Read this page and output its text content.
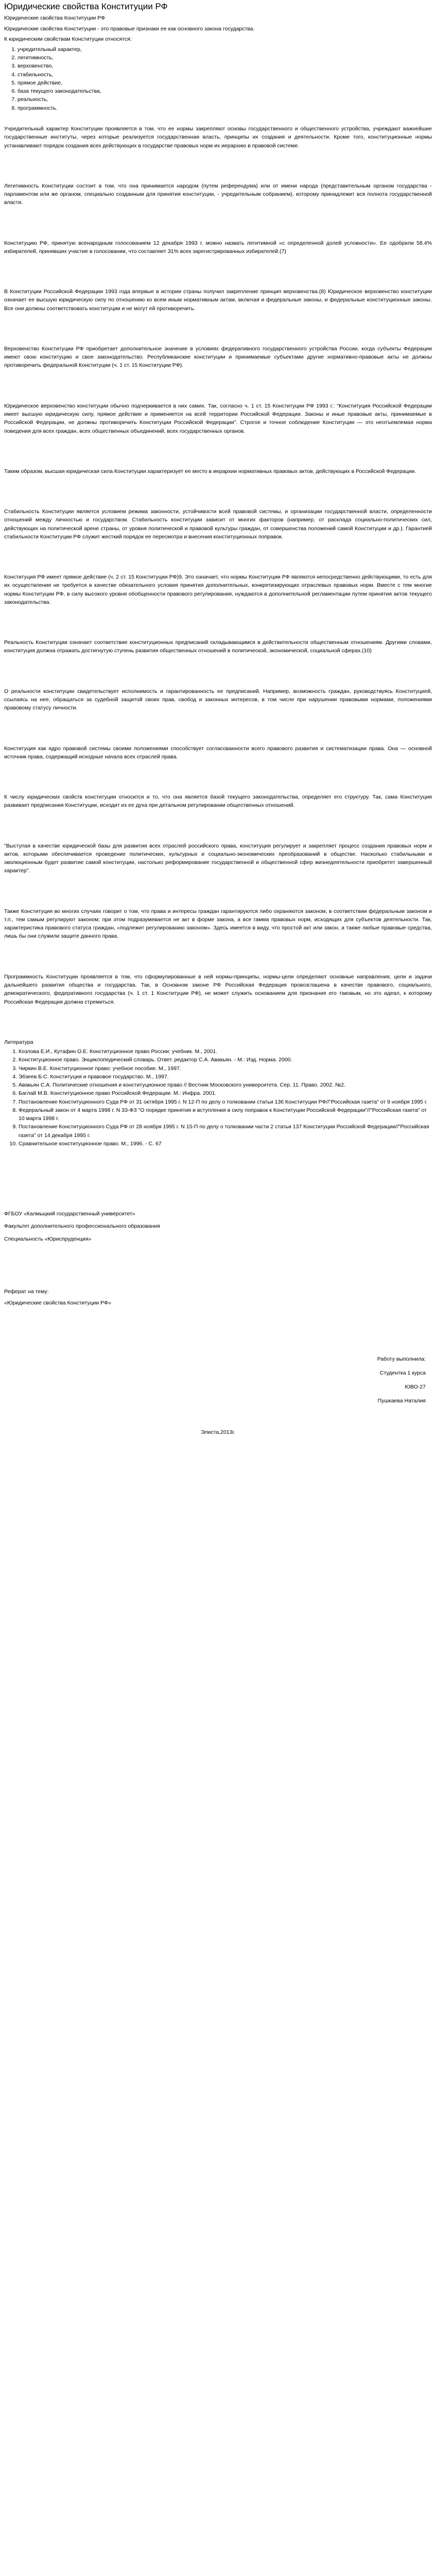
Юридические свойства Конституции РФ

Юридические свойства Конституции РФ

Юридические свойства Конституции - это правовые признаки ее как основного закона государства.

К юридическим свойствам Конституции относятся:

1. учредительный характер,
2. легитимность,
3. верховенство,
4. стабильность,
5. прямое действие,
6. база текущего законодательства,
7. реальность,
8. программность.

Учредительный характер Конституции проявляется в том, что ее нормы закрепляют основы государственного и общественного устройства, учреждают важнейшие государственные институты, через которые реализуется государственная власть, принципы их создания и деятельности. Кроме того, конституционные нормы устанавливают порядок создания всех действующих в государстве правовых норм их иерархию в правовой системе.

Легитимность Конституции состоит в том, что она принимается народом (путем референдума) или от имени народа (представительным органом государства - парламентом или же органом, специально созданным для принятия конституции, - учредительным собранием), которому принадлежит вся полнота государственной власти.

Конституцию РФ, принятую всенародным голосованием 12 декабря 1993 г. можно назвать легитимной «с определенной долей условности». Ее одобрили 58.4% избирателей, принявших участие в голосовании, что составляет 31% всех зарегистрированных избирателей.(7)

В Конституции Российской Федерации 1993 года впервые в истории страны получил закрепление принцип верховенства.(8) Юридическое верховенство конституции означает ее высшую юридическую силу по отношению ко всем иным нормативным актам, включая и федеральные законы, и федеральные конституционные законы. Все они должны соответствовать конституции и не могут ей противоречить.

Верховенство Конституции РФ приобретает дополнительное значение в условиях федеративного государственного устройства России, когда субъекты Федерации имеют свою конституцию и свое законодательство. Республиканские конституции и принимаемые субъектами другие нормативно-правовые акты не должны противоречить федеральной Конституции (ч. 1 ст. 15 Конституции РФ).

Юридическое верховенство конституции обычно подчеркивается в них самих. Так, согласно ч. 1 ст. 15 Конституции РФ 1993 г.: "Конституция Российской Федерации имеет высшую юридическую силу, прямое действие и применяется на всей территории Российской Федерации. Законы и иные правовые акты, принимаемые в Российской Федерации, не должны противоречить Конституции Российской Федерации". Строгое и точное соблюдение Конституции — это неотъемлемая норма поведения для всех граждан, всех общественных объединений, всех государственных органов.

Таким образом, высшая юридическая сила Конституции характеризует ее место в иерархии нормативных правовых актов, действующих в Российской Федерации.

Стабильность Конституции является условием режима законности, устойчивости всей правовой системы, и организации государственной власти, определенности отношений между личностью и государством. Стабильность конституции зависит от многих факторов (например, от расклада социально-политических сил, действующих на политической арене страны, от уровня политической и правовой культуры граждан, от совершенства положений самой Конституции и др.). Гарантией стабильности Конституции РФ служит жесткий порядок ее пересмотра и внесения конституционных поправок.

Конституция РФ имеет прямое действие (ч. 2 ст. 15 Конституции РФ)9. Это означает, что нормы Конституции РФ являются непосредственно действующими, то есть для их осуществления не требуется в качестве обязательного условия принятия дополнительных, конкретизирующих отраслевых правовых норм. Вместе с тем многие нормы Конституции РФ, в силу высокого уровня обобщенности правового регулирования, нуждаются в дополнительной регламентации путем принятия актов текущего законодательства.

Реальность Конституции означает соответствие конституционных предписаний складывающимся в действительности общественным отношениям. Другими словами, конституция должна отражать достигнутую ступень развития общественных отношений в политической, экономической, социальной сферах.(10)

О реальности конституции свидетельствует исполнимость и гарантированность ее предписаний. Например, возможность граждан, руководствуясь Конституцией, ссылаясь на нее, обращаться за судебной защитой своих прав, свобод и законных интересов, в том числе при нарушении правовыми нормами, положениями правовому статусу личности.

Конституция как ядро правовой системы своими положениями способствует согласованности всего правового развития и систематизации права. Она — основной источник права, содержащий исходные начала всех отраслей права.

К числу юридических свойств конституции относится и то, что она является базой текущего законодательства, определяет его структуру. Так, сама Конституция развивает предписания Конституции, исходит из ее духа при детальном регулировании общественных отношений.

"Выступая в качестве юридической базы для развития всех отраслей российского права, конституция регулирует и закрепляет процесс создания правовых норм и актов, которыми обеспечивается проведение политических, культурных и социально-экономических преобразований в обществе. Насколько стабильными и эволюционным будет развитие самой конституции, настолько реформирование государственной и общественной сфер жизнедеятельности приобретет завершенный характер".

Также Конституция во многих случаях говорит о том, что права и интересы граждан гарантируются либо охраняются законом, в соответствии федеральным законом и т.п., тем самым регулируют законом; при этом подразумевается не акт в форме закона, а все гамма правовых норм, исходящих для субъектов деятельности. Так, характеристика правового статуса граждан, «подлежит регулированию законом». Здесь имеется в виду, что простой акт или закон, а также любые правовые средства, лишь бы они служили защите данного права.

Программность Конституции проявляется в том, что сформулированные в ней нормы-принципы, нормы-цели определяют основные направления, цели и задачи дальнейшего развития общества и государства. Так, в Основном законе РФ Российская Федерация провозглашена в качестве правового, социального, демократического, федеративного государства (ч. 1 ст. 1 Конституции РФ), не может служить основанием для признания его таковым, но это идеал, к которому Российская Федерация должна стремиться.

Литература

1. Козлова Е.И., Кутафин О.Е. Конституционное право России: учебник. М., 2001.
2. Конституционное право. Энциклопедический словарь. Ответ. редактор С.А. Авакьян. - М.: Изд. Норма. 2000.
3. Чиркин В.Е. Конституционное право: учебное пособие. М., 1997.
4. Эбзеев Б.С. Конституция и правовое государство. М., 1997.
5. Авакьян С.А. Политические отношения и конституционное право // Вестник Московского университета. Сер. 11. Право. 2002. №2.
6. Баглай М.В. Конституционное право Российской Федерации. М.: Инфра. 2001.
7. Постановление Конституционного Суда РФ от 31 октября 1995 г. N 12-П по делу о толковании статьи 136 Конституции РФ//"Российская газета" от 9 ноября 1995 г.
8. Федеральный закон от 4 марта 1998 г. N 33-ФЗ "О порядке принятия и вступления в силу поправок к Конституции Российской Федерации"//"Российская газета" от 10 марта 1998 г.
9. Постановление Конституционного Суда РФ от 28 ноября 1995 г. N 15-П по делу о толковании части 2 статьи 137 Конституции Российской Федерации//"Российская газета" от 14 декабря 1995 г.
10. Сравнительное конституционное право. М., 1996. - С. 67

ФГБОУ «Калмыцкий государственный университет»

Факультет дополнительного профессионального образования

Специальность «Юриспруденция»

Реферат на тему:

«Юридические свойства Конституции РФ»

Работу выполнила:

Студентка 1 курса

ЮВО-27

Пушкаева Наталия

Элиста,2013г.
